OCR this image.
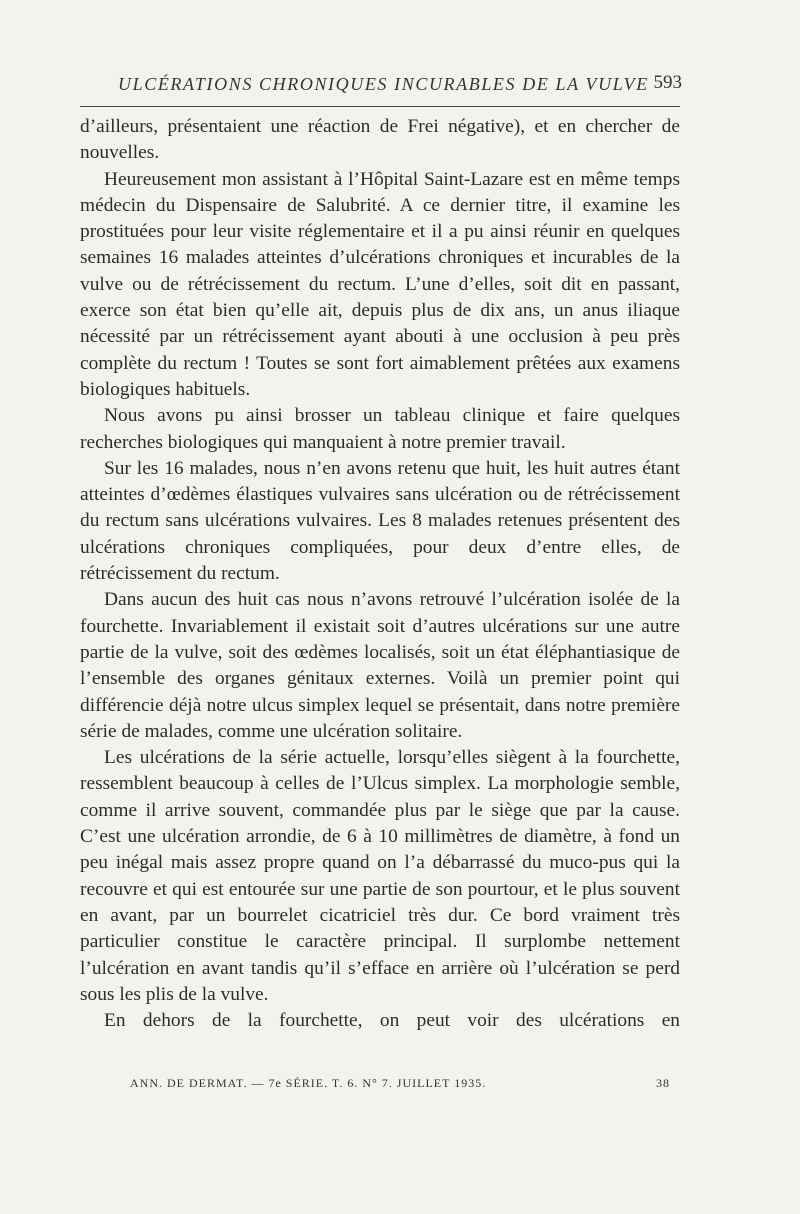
ULCÉRATIONS CHRONIQUES INCURABLES DE LA VULVE 593

d’ailleurs, présentaient une réaction de Frei négative), et en chercher de nouvelles.

Heureusement mon assistant à l’Hôpital Saint-Lazare est en même temps médecin du Dispensaire de Salubrité. A ce dernier titre, il examine les prostituées pour leur visite réglementaire et il a pu ainsi réunir en quelques semaines 16 malades atteintes d’ulcérations chroniques et incurables de la vulve ou de rétrécissement du rectum. L’une d’elles, soit dit en passant, exerce son état bien qu’elle ait, depuis plus de dix ans, un anus iliaque nécessité par un rétrécissement ayant abouti à une occlusion à peu près complète du rectum ! Toutes se sont fort aimablement prêtées aux examens biologiques habituels.

Nous avons pu ainsi brosser un tableau clinique et faire quelques recherches biologiques qui manquaient à notre premier travail.

Sur les 16 malades, nous n’en avons retenu que huit, les huit autres étant atteintes d’œdèmes élastiques vulvaires sans ulcération ou de rétrécissement du rectum sans ulcérations vulvaires. Les 8 malades retenues présentent des ulcérations chroniques compliquées, pour deux d’entre elles, de rétrécissement du rectum.

Dans aucun des huit cas nous n’avons retrouvé l’ulcération isolée de la fourchette. Invariablement il existait soit d’autres ulcérations sur une autre partie de la vulve, soit des œdèmes localisés, soit un état éléphantiasique de l’ensemble des organes génitaux externes. Voilà un premier point qui différencie déjà notre ulcus simplex lequel se présentait, dans notre première série de malades, comme une ulcération solitaire.

Les ulcérations de la série actuelle, lorsqu’elles siègent à la fourchette, ressemblent beaucoup à celles de l’Ulcus simplex. La morphologie semble, comme il arrive souvent, commandée plus par le siège que par la cause. C’est une ulcération arrondie, de 6 à 10 millimètres de diamètre, à fond un peu inégal mais assez propre quand on l’a débarrassé du muco-pus qui la recouvre et qui est entourée sur une partie de son pourtour, et le plus souvent en avant, par un bourrelet cicatriciel très dur. Ce bord vraiment très particulier constitue le caractère principal. Il surplombe nettement l’ulcération en avant tandis qu’il s’efface en arrière où l’ulcération se perd sous les plis de la vulve.

En dehors de la fourchette, on peut voir des ulcérations en

ANN. DE DERMAT. — 7e SÉRIE. T. 6. N° 7. JUILLET 1935.	38
